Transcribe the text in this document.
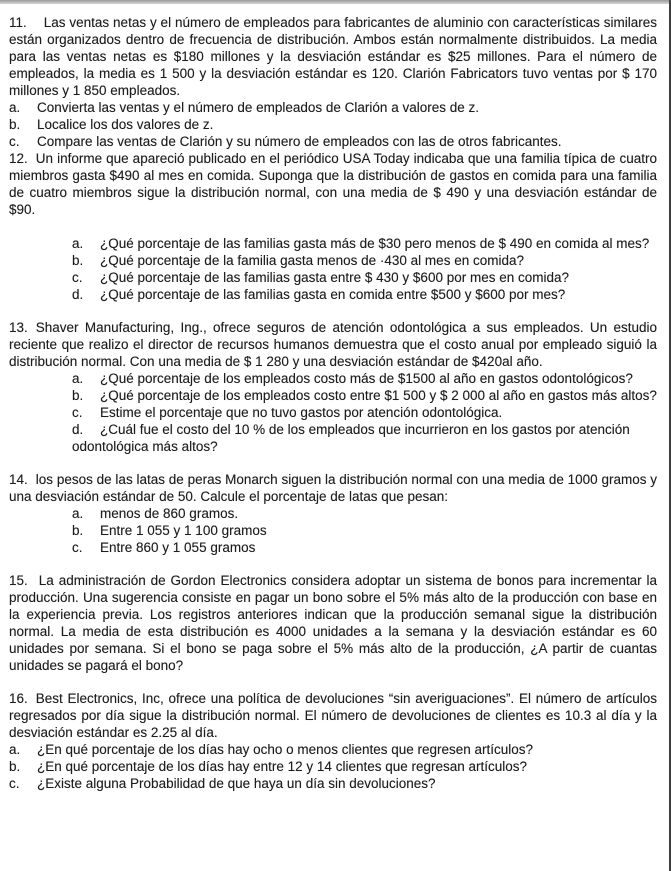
11. Las ventas netas y el número de empleados para fabricantes de aluminio con características similares están organizados dentro de frecuencia de distribución. Ambos están normalmente distribuidos. La media para las ventas netas es $180 millones y la desviación estándar es $25 millones. Para el número de empleados, la media es 1 500 y la desviación estándar es 120. Clarión Fabricators tuvo ventas por $ 170 millones y 1 850 empleados.

a. Convierta las ventas y el número de empleados de Clarión a valores de z.
b. Localice los dos valores de z.
c. Compare las ventas de Clarión y su número de empleados con las de otros fabricantes.

12. Un informe que apareció publicado en el periódico USA Today indicaba que una familia típica de cuatro miembros gasta $490 al mes en comida. Suponga que la distribución de gastos en comida para una familia de cuatro miembros sigue la distribución normal, con una media de $ 490 y una desviación estándar de $90.

a. ¿Qué porcentaje de las familias gasta más de $30 pero menos de $ 490 en comida al mes?
b. ¿Qué porcentaje de la familia gasta menos de ·430 al mes en comida?
c. ¿Qué porcentaje de las familias gasta entre $ 430 y $600 por mes en comida?
d. ¿Qué porcentaje de las familias gasta en comida entre $500 y $600 por mes?

13. Shaver Manufacturing, Ing., ofrece seguros de atención odontológica a sus empleados. Un estudio reciente que realizo el director de recursos humanos demuestra que el costo anual por empleado siguió la distribución normal. Con una media de $ 1 280 y una desviación estándar de $420al año.

a. ¿Qué porcentaje de los empleados costo más de $1500 al año en gastos odontológicos?
b. ¿Qué porcentaje de los empleados costo entre $1 500 y $ 2 000 al año en gastos más altos?
c. Estime el porcentaje que no tuvo gastos por atención odontológica.
d. ¿Cuál fue el costo del 10 % de los empleados que incurrieron en los gastos por atención odontológica más altos?

14. los pesos de las latas de peras Monarch siguen la distribución normal con una media de 1000 gramos y una desviación estándar de 50. Calcule el porcentaje de latas que pesan:

a. menos de 860 gramos.
b. Entre 1 055 y 1 100 gramos
c. Entre 860 y 1 055 gramos

15. La administración de Gordon Electronics considera adoptar un sistema de bonos para incrementar la producción. Una sugerencia consiste en pagar un bono sobre el 5% más alto de la producción con base en la experiencia previa. Los registros anteriores indican que la producción semanal sigue la distribución normal. La media de esta distribución es 4000 unidades a la semana y la desviación estándar es 60 unidades por semana. Si el bono se paga sobre el 5% más alto de la producción, ¿A partir de cuantas unidades se pagará el bono?

16. Best Electronics, Inc, ofrece una política de devoluciones “sin averiguaciones”. El número de artículos regresados por día sigue la distribución normal. El número de devoluciones de clientes es 10.3 al día y la desviación estándar es 2.25 al día.

a. ¿En qué porcentaje de los días hay ocho o menos clientes que regresen artículos?
b. ¿En qué porcentaje de los días hay entre 12 y 14 clientes que regresan artículos?
c. ¿Existe alguna Probabilidad de que haya un día sin devoluciones?
